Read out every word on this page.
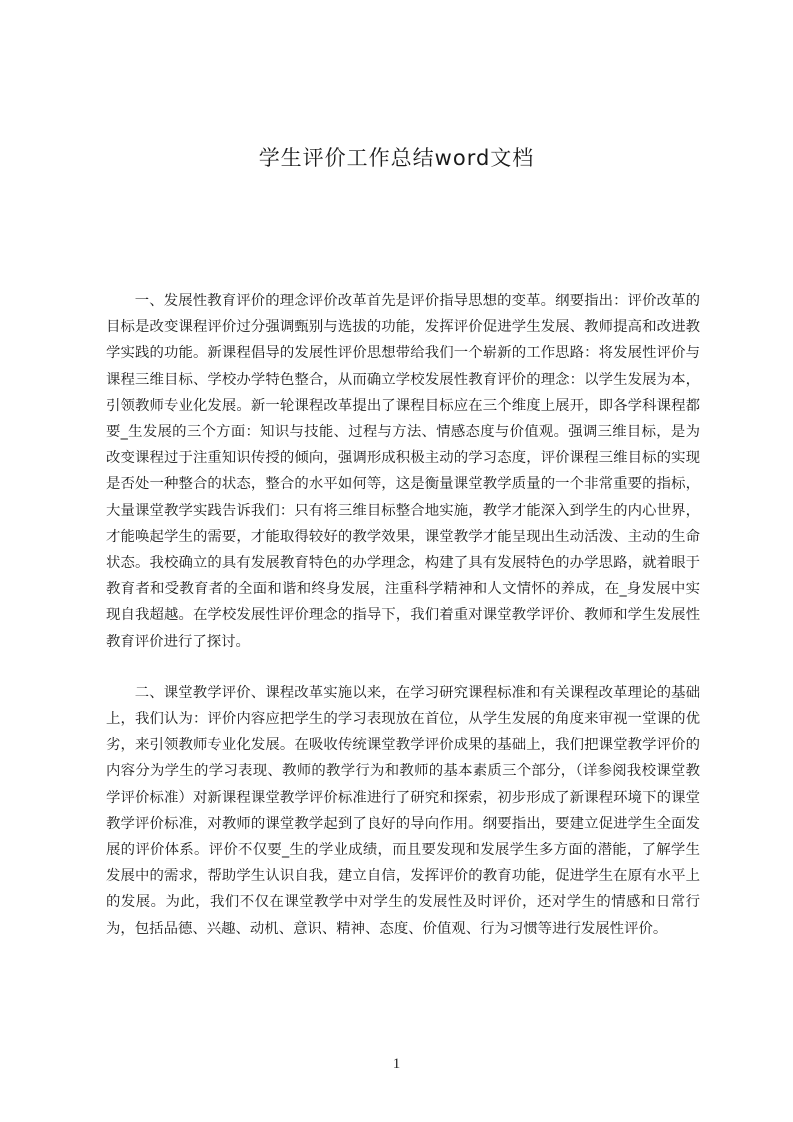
学生评价工作总结word文档

一、发展性教育评价的理念评价改革首先是评价指导思想的变革。纲要指出：评价改革的目标是改变课程评价过分强调甄别与选拔的功能，发挥评价促进学生发展、教师提高和改进教学实践的功能。新课程倡导的发展性评价思想带给我们一个崭新的工作思路：将发展性评价与课程三维目标、学校办学特色整合，从而确立学校发展性教育评价的理念：以学生发展为本，引领教师专业化发展。新一轮课程改革提出了课程目标应在三个维度上展开，即各学科课程都要_生发展的三个方面：知识与技能、过程与方法、情感态度与价值观。强调三维目标，是为改变课程过于注重知识传授的倾向，强调形成积极主动的学习态度，评价课程三维目标的实现是否处一种整合的状态，整合的水平如何等，这是衡量课堂教学质量的一个非常重要的指标，大量课堂教学实践告诉我们：只有将三维目标整合地实施，教学才能深入到学生的内心世界，才能唤起学生的需要，才能取得较好的教学效果，课堂教学才能呈现出生动活泼、主动的生命状态。我校确立的具有发展教育特色的办学理念，构建了具有发展特色的办学思路，就着眼于教育者和受教育者的全面和谐和终身发展，注重科学精神和人文情怀的养成，在_身发展中实现自我超越。在学校发展性评价理念的指导下，我们着重对课堂教学评价、教师和学生发展性教育评价进行了探讨。

二、课堂教学评价、课程改革实施以来，在学习研究课程标准和有关课程改革理论的基础上，我们认为：评价内容应把学生的学习表现放在首位，从学生发展的角度来审视一堂课的优劣，来引领教师专业化发展。在吸收传统课堂教学评价成果的基础上，我们把课堂教学评价的内容分为学生的学习表现、教师的教学行为和教师的基本素质三个部分，（详参阅我校课堂教学评价标准）对新课程课堂教学评价标准进行了研究和探索，初步形成了新课程环境下的课堂教学评价标准，对教师的课堂教学起到了良好的导向作用。纲要指出，要建立促进学生全面发展的评价体系。评价不仅要_生的学业成绩，而且要发现和发展学生多方面的潜能，了解学生发展中的需求，帮助学生认识自我，建立自信，发挥评价的教育功能，促进学生在原有水平上的发展。为此，我们不仅在课堂教学中对学生的发展性及时评价，还对学生的情感和日常行为，包括品德、兴趣、动机、意识、精神、态度、价值观、行为习惯等进行发展性评价。

1
